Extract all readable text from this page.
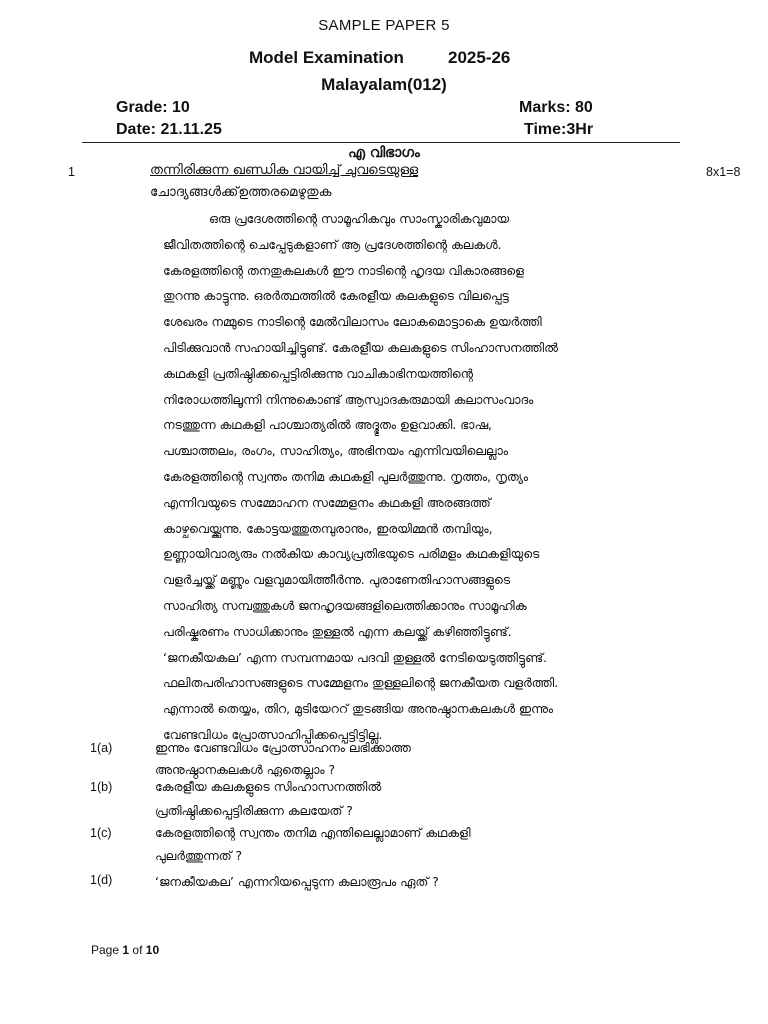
SAMPLE PAPER 5
Model Examination	2025-26
Malayalam(012)
Grade: 10	Marks: 80
Date: 21.11.25	Time:3Hr
എ വിഭാഗം
1	തന്നിരിക്കുന്ന ഖണ്ഡിക വായിച്ച് ചുവടെയുള്ള
ചോദ്യങ്ങൾക്ക്ഉത്തരമെഴുതുക
8x1=8
ഒരു പ്രദേശത്തിന്റെ സാമൂഹികവും സാംസ്കാരികവുമായ
ജീവിതത്തിന്റെ ചെപ്പേടുകളാണ് ആ പ്രദേശത്തിന്റെ കലകൾ.
കേരളത്തിന്റെ തനതുകലകൾ ഈ നാടിന്റെ ഹൃദയ വികാരങ്ങളെ
തുറന്നു കാട്ടുന്നു. ഒരർത്ഥത്തിൽ കേരളീയ കലകളുടെ വിലപ്പെട്ട
ശേഖരം നമ്മുടെ നാടിന്റെ മേൽവിലാസം ലോകമൊട്ടാകെ ഉയർത്തി
പിടിക്കുവാൻ സഹായിച്ചിട്ടുണ്ട്. കേരളീയ കലകളുടെ സിംഹാസനത്തിൽ
കഥകളി പ്രതിഷ്ഠിക്കപ്പെട്ടിരിക്കുന്നു വാചികാഭിനയത്തിന്റെ
നിരോധത്തിലൂന്നി നിന്നുകൊണ്ട് ആസ്വാദകരുമായി കലാസംവാദം
നടത്തുന്ന കഥകളി പാശ്ചാത്യരിൽ അദ്ഭുതം ഉളവാക്കി. ഭാഷ,
പശ്ചാത്തലം, രംഗം, സാഹിത്യം, അഭിനയം എന്നിവയിലെല്ലാം
കേരളത്തിന്റെ സ്വന്തം തനിമ കഥകളി പുലർത്തുന്നു. നൃത്തം, നൃത്യം
എന്നിവയുടെ സമ്മോഹന സമ്മേളനം കഥകളി അരങ്ങത്ത്
കാഴ്ചവെയ്ക്കുന്നു. കോട്ടയത്തുതമ്പുരാനും, ഇരയിമ്മൻ തമ്പിയും,
ഉണ്ണായിവാര്യരും നൽകിയ കാവ്യപ്രതിഭയുടെ പരിമളം കഥകളിയുടെ
വളർച്ചയ്ക്ക് മണ്ണും വളവുമായിത്തീർന്നു. പുരാണേതിഹാസങ്ങളുടെ
സാഹിത്യ സമ്പത്തുകൾ ജനഹൃദയങ്ങളിലെത്തിക്കാനും സാമൂഹിക
പരിഷ്കരണം സാധിക്കാനും തുള്ളൽ എന്ന കലയ്ക്ക് കഴിഞ്ഞിട്ടുണ്ട്.
‘ജനകീയകല’ എന്ന സമ്പന്നമായ പദവി തുള്ളൽ നേടിയെടുത്തിട്ടുണ്ട്.
ഫലിതപരിഹാസങ്ങളുടെ സമ്മേളനം തുള്ളലിന്റെ ജനകീയത വളർത്തി.
എന്നാൽ തെയ്യം, തിറ, മുടിയേററ് തുടങ്ങിയ അനുഷ്ഠാനകലകൾ ഇന്നും
വേണ്ടവിധം പ്രോത്സാഹിപ്പിക്കപ്പെട്ടിട്ടില്ല.
1(a)	ഇന്നും വേണ്ടവിധം പ്രോത്സാഹനം ലഭിക്കാത്ത
അനുഷ്ഠാനകലകൾ ഏതെല്ലാം ?
1(b)	കേരളീയ കലകളുടെ സിംഹാസനത്തിൽ
പ്രതിഷ്ഠിക്കപ്പെട്ടിരിക്കുന്ന കലയേത് ?
1(c)	കേരളത്തിന്റെ സ്വന്തം തനിമ എന്തിലെല്ലാമാണ് കഥകളി
പുലർത്തുന്നത് ?
1(d)	‘ജനകീയകല’ എന്നറിയപ്പെടുന്ന കലാരൂപം ഏത് ?
Page 1 of 10
